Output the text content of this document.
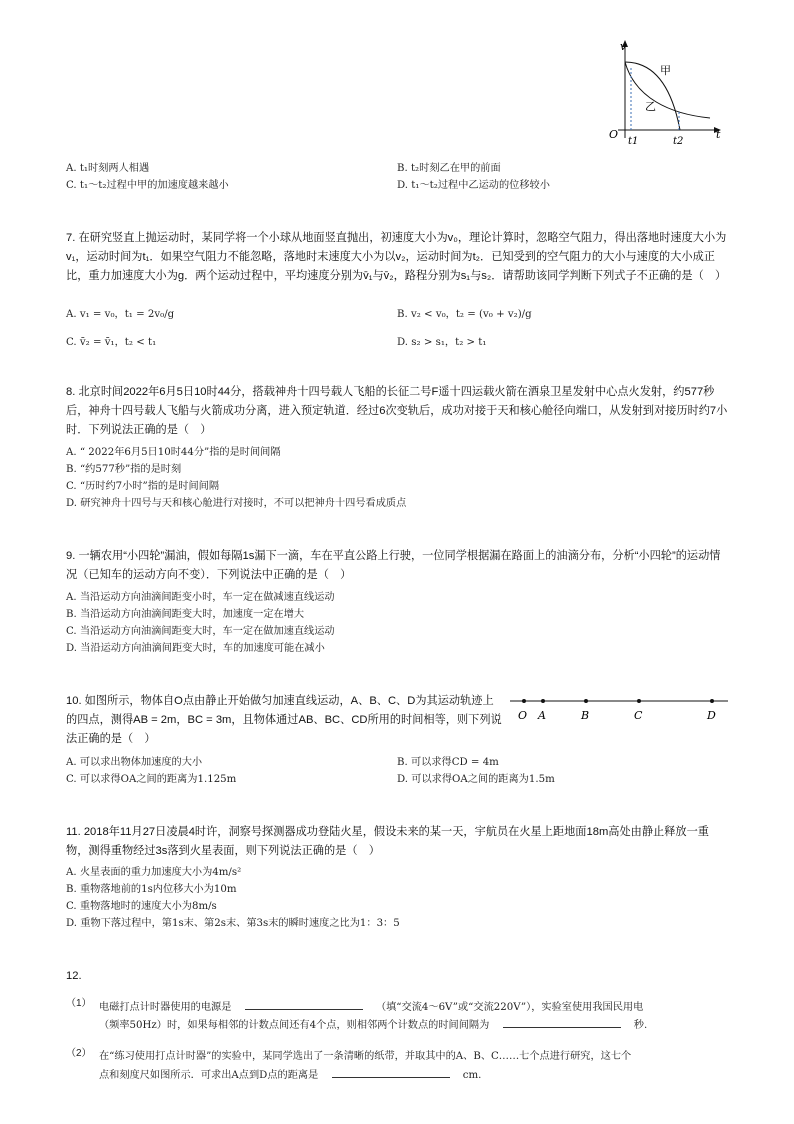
v
t
O
甲
乙
t1	t2
A. t₁时刻两人相遇	B. t₂时刻乙在甲的前面
C. t₁～t₂过程中甲的加速度越来越小	D. t₁～t₂过程中乙运动的位移较小
7. 在研究竖直上抛运动时，某同学将一个小球从地面竖直抛出，初速度大小为v₀，理论计算时，忽略空气阻力，得出落地时速度大小为v₁，运动时间为t₁．如果空气阻力不能忽略，落地时末速度大小为以v₂，运动时间为t₂．已知受到的空气阻力的大小与速度的大小成正比，重力加速度大小为g．两个运动过程中，平均速度分别为v̄₁与v̄₂，路程分别为s₁与s₂．请帮助该同学判断下列式子不正确的是（　）
A. v₁ = v₀，t₁ = 2v₀/g	B. v₂ < v₀，t₂ = (v₀ + v₂)/g
C. v̄₂ = v̄₁，t₂ < t₁	D. s₂ > s₁，t₂ > t₁
8. 北京时间2022年6月5日10时44分，搭载神舟十四号载人飞船的长征二号F遥十四运载火箭在酒泉卫星发射中心点火发射，约577秒后，神舟十四号载人飞船与火箭成功分离，进入预定轨道．经过6次变轨后，成功对接于天和核心舱径向端口，从发射到对接历时约7小时．下列说法正确的是（　）
A. “ 2022年6月5日10时44分”指的是时间间隔
B. “约577秒”指的是时刻
C. “历时约7小时”指的是时间间隔
D. 研究神舟十四号与天和核心舱进行对接时，不可以把神舟十四号看成质点
9. 一辆农用“小四轮”漏油，假如每隔1s漏下一滴，车在平直公路上行驶，一位同学根据漏在路面上的油滴分布，分析“小四轮”的运动情况（已知车的运动方向不变）．下列说法中正确的是（　）
A. 当沿运动方向油滴间距变小时，车一定在做减速直线运动
B. 当沿运动方向油滴间距变大时，加速度一定在增大
C. 当沿运动方向油滴间距变大时，车一定在做加速直线运动
D. 当沿运动方向油滴间距变大时，车的加速度可能在减小
10. 如图所示，物体自O点由静止开始做匀加速直线运动，A、B、C、D为其运动轨迹上的四点，测得AB = 2m，BC = 3m，且物体通过AB、BC、CD所用的时间相等，则下列说法正确的是（　）
O A	B	C	D
A. 可以求出物体加速度的大小	B. 可以求得CD = 4m
C. 可以求得OA之间的距离为1.125m	D. 可以求得OA之间的距离为1.5m
11. 2018年11月27日凌晨4时许，洞察号探测器成功登陆火星，假设未来的某一天，宇航员在火星上距地面18m高处由静止释放一重物，测得重物经过3s落到火星表面，则下列说法正确的是（　）
A. 火星表面的重力加速度大小为4m/s²
B. 重物落地前的1s内位移大小为10m
C. 重物落地时的速度大小为8m/s
D. 重物下落过程中，第1s末、第2s末、第3s末的瞬时速度之比为1：3：5
12.
（1） 电磁打点计时器使用的电源是	（填“交流4～6V”或“交流220V”），实验室使用我国民用电
（频率50Hz）时，如果每相邻的计数点间还有4个点，则相邻两个计数点的时间间隔为	秒.
（2） 在“练习使用打点计时器”的实验中，某同学选出了一条清晰的纸带，并取其中的A、B、C……七个点进行研究，这七个
点和刻度尺如图所示．可求出A点到D点的距离是	cm.
